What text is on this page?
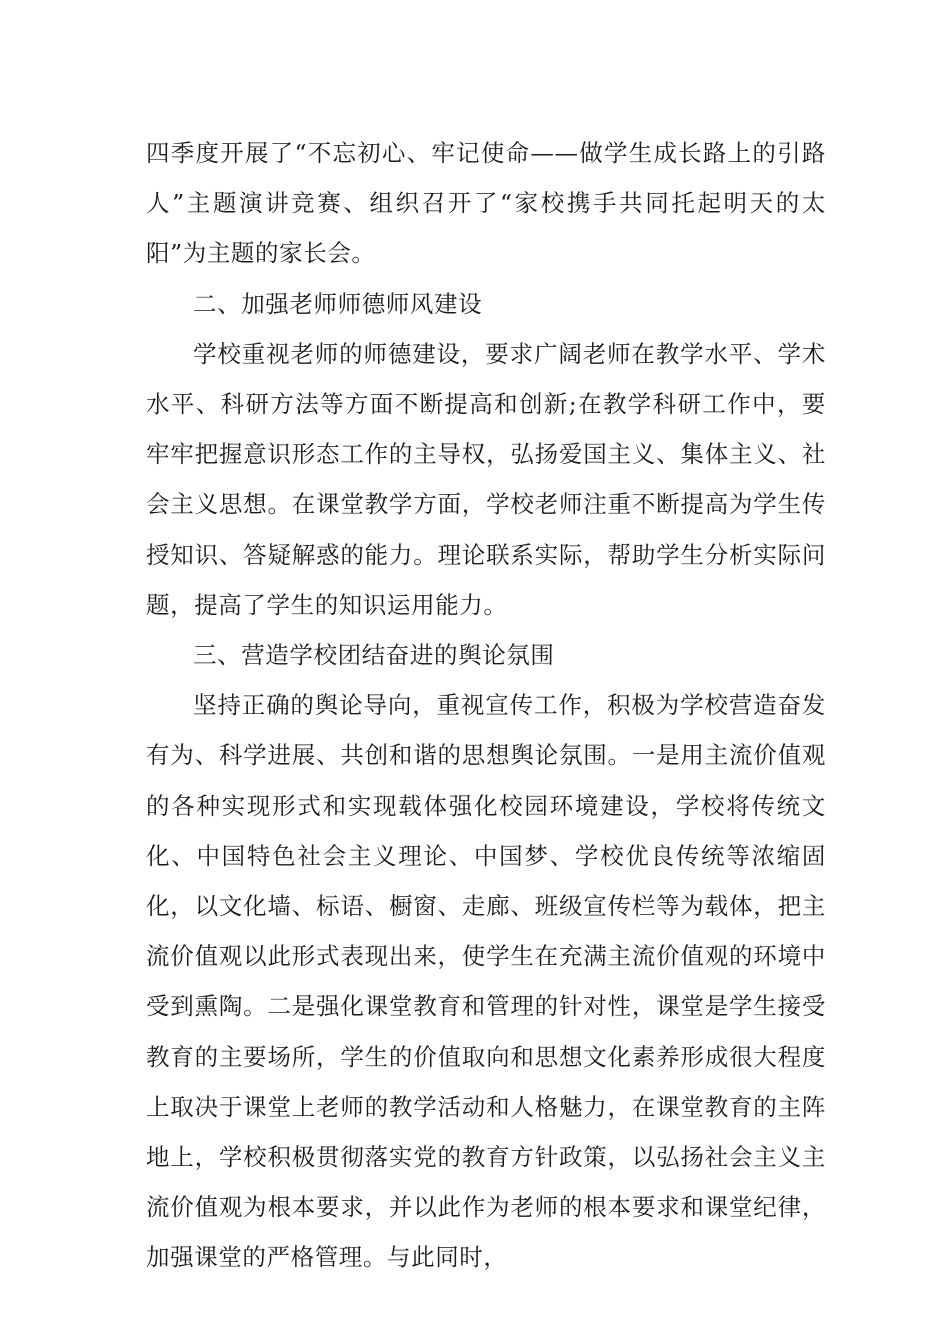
四季度开展了“不忘初心、牢记使命——做学生成长路上的引路人”主题演讲竞赛、组织召开了“家校携手共同托起明天的太阳”为主题的家长会。

二、加强老师师德师风建设

学校重视老师的师德建设，要求广阔老师在教学水平、学术水平、科研方法等方面不断提高和创新;在教学科研工作中，要牢牢把握意识形态工作的主导权，弘扬爱国主义、集体主义、社会主义思想。在课堂教学方面，学校老师注重不断提高为学生传授知识、答疑解惑的能力。理论联系实际，帮助学生分析实际问题，提高了学生的知识运用能力。

三、营造学校团结奋进的舆论氛围

坚持正确的舆论导向，重视宣传工作，积极为学校营造奋发有为、科学进展、共创和谐的思想舆论氛围。一是用主流价值观的各种实现形式和实现载体强化校园环境建设，学校将传统文化、中国特色社会主义理论、中国梦、学校优良传统等浓缩固化，以文化墙、标语、橱窗、走廊、班级宣传栏等为载体，把主流价值观以此形式表现出来，使学生在充满主流价值观的环境中受到熏陶。二是强化课堂教育和管理的针对性，课堂是学生接受教育的主要场所，学生的价值取向和思想文化素养形成很大程度上取决于课堂上老师的教学活动和人格魅力，在课堂教育的主阵地上，学校积极贯彻落实党的教育方针政策，以弘扬社会主义主流价值观为根本要求，并以此作为老师的根本要求和课堂纪律，加强课堂的严格管理。与此同时，
